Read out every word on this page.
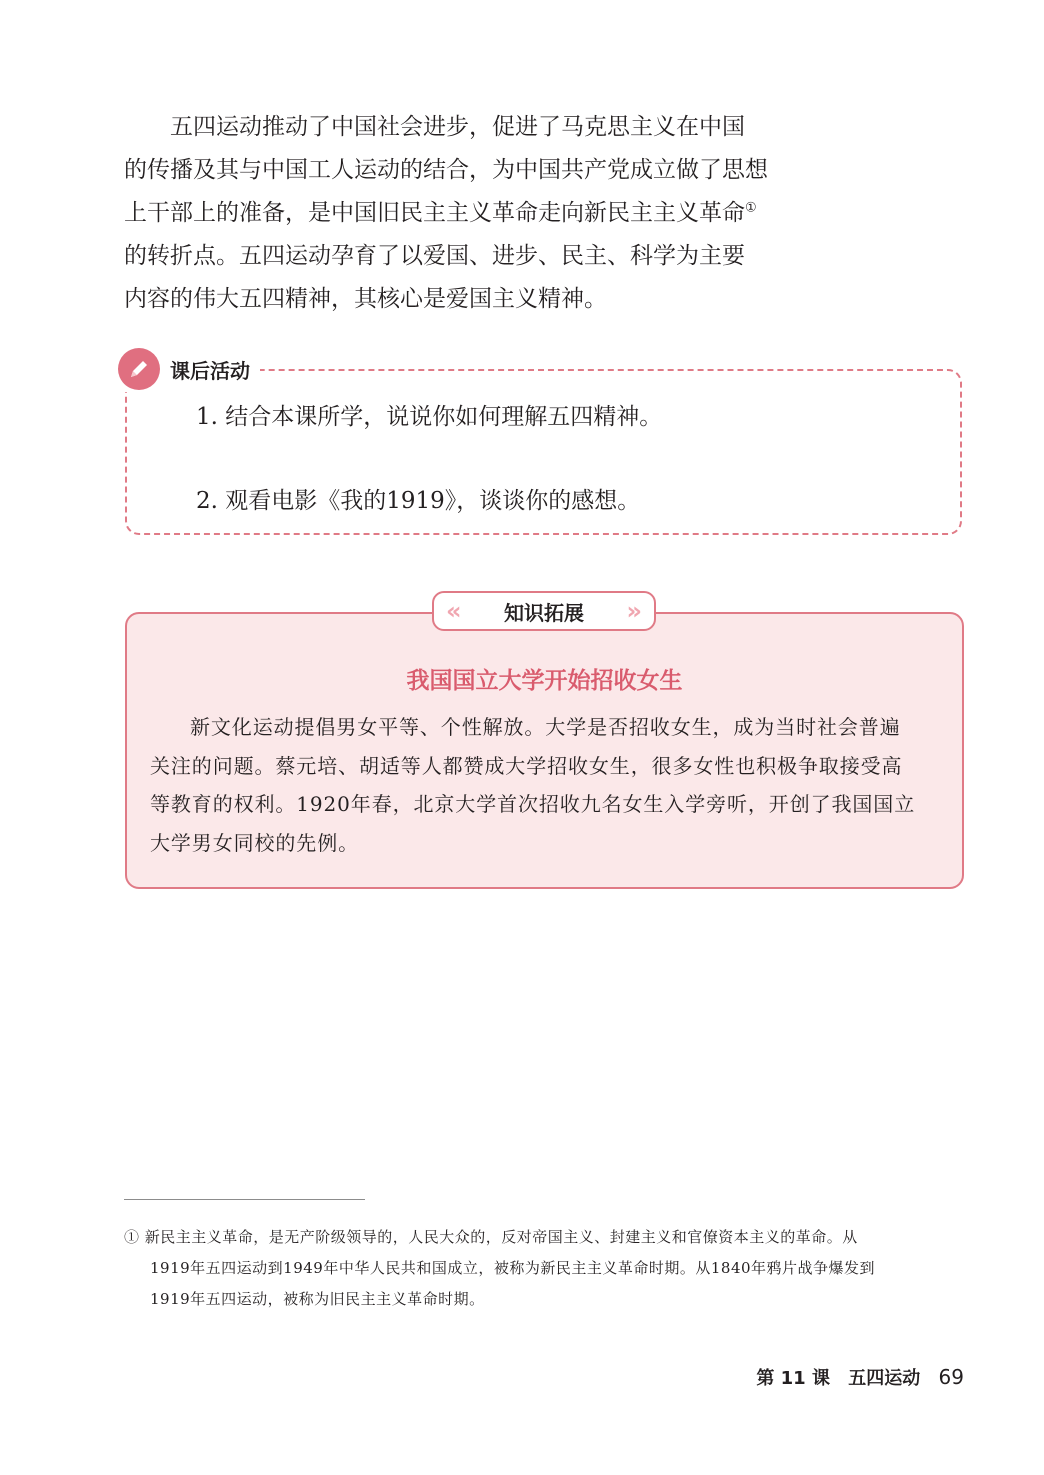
五四运动推动了中国社会进步，促进了马克思主义在中国
的传播及其与中国工人运动的结合，为中国共产党成立做了思想
上干部上的准备，是中国旧民主主义革命走向新民主主义革命①
的转折点。五四运动孕育了以爱国、进步、民主、科学为主要
内容的伟大五四精神，其核心是爱国主义精神。
课后活动
1. 结合本课所学，说说你如何理解五四精神。
2. 观看电影《我的1919》，谈谈你的感想。
« 知识拓展 »
我国国立大学开始招收女生
新文化运动提倡男女平等、个性解放。大学是否招收女生，成为当时社会普遍
关注的问题。蔡元培、胡适等人都赞成大学招收女生，很多女性也积极争取接受高
等教育的权利。1920年春，北京大学首次招收九名女生入学旁听，开创了我国国立
大学男女同校的先例。
① 新民主主义革命，是无产阶级领导的，人民大众的，反对帝国主义、封建主义和官僚资本主义的革命。从
1919年五四运动到1949年中华人民共和国成立，被称为新民主主义革命时期。从1840年鸦片战争爆发到
1919年五四运动，被称为旧民主主义革命时期。
第 11 课 五四运动 69
